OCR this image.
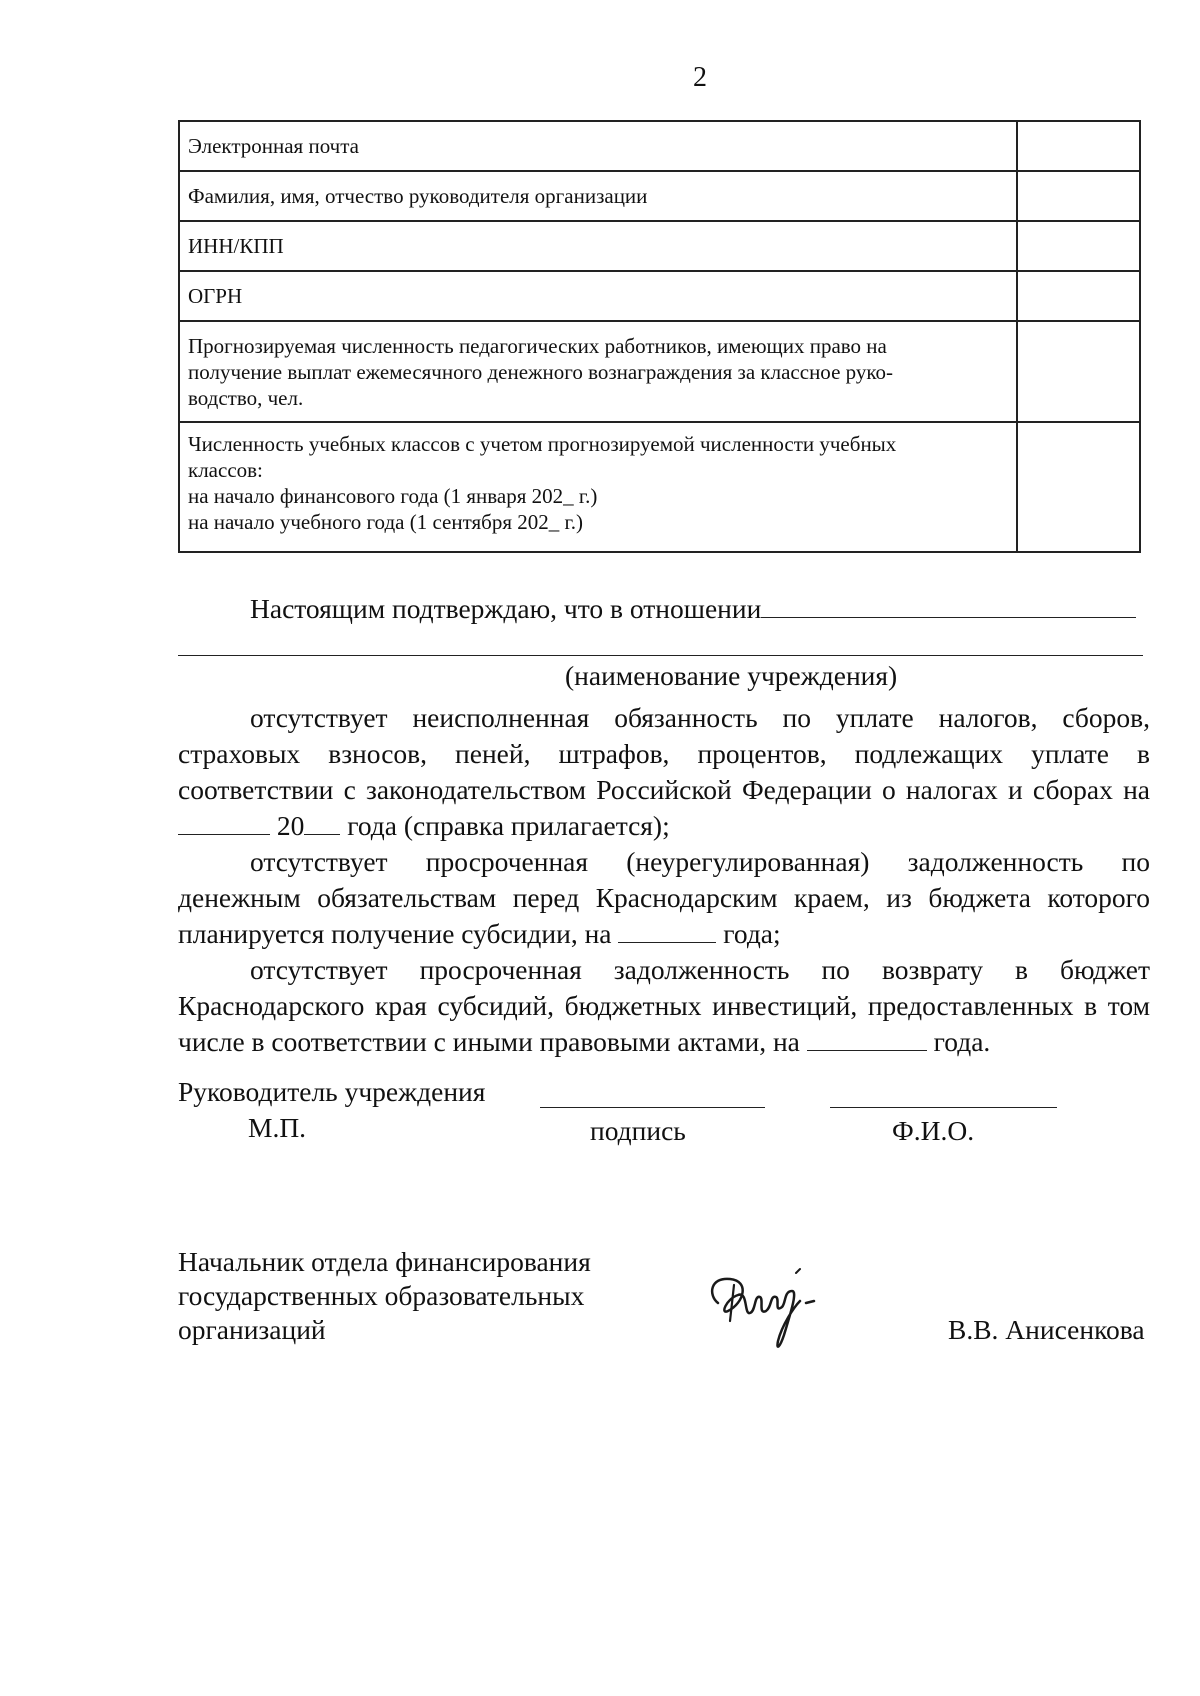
2
Электронная почта	

Фамилия, имя, отчество руководителя организации	

ИНН/КПП	

ОГРН	

Прогнозируемая численность педагогических работников, имеющих право на
получение выплат ежемесячного денежного вознаграждения за классное руко-
водство, чел.	

Численность учебных классов с учетом прогнозируемой численности учебных
классов:
на начало финансового года (1 января 202_ г.)
на начало учебного года (1 сентября 202_ г.)	

Настоящим подтверждаю, что в отношении
(наименование учреждения)

отсутствует неисполненная обязанность по уплате налогов, сборов, страховых взносов, пеней, штрафов, процентов, подлежащих уплате в соответствии с законодательством Российской Федерации о налогах и сборах на  20 года (справка прилагается);

отсутствует просроченная (неурегулированная) задолженность по денежным обязательствам перед Краснодарским краем, из бюджета которого планируется получение субсидии, на	года;

отсутствует просроченная задолженность по возврату в бюджет Краснодарского края субсидий, бюджетных инвестиций, предоставленных в том числе в соответствии с иными правовыми актами, на	года.

Руководитель учреждения
М.П.	подпись	Ф.И.О.
Начальник отдела финансирования
государственных образовательных
организаций	В.В. Анисенкова
